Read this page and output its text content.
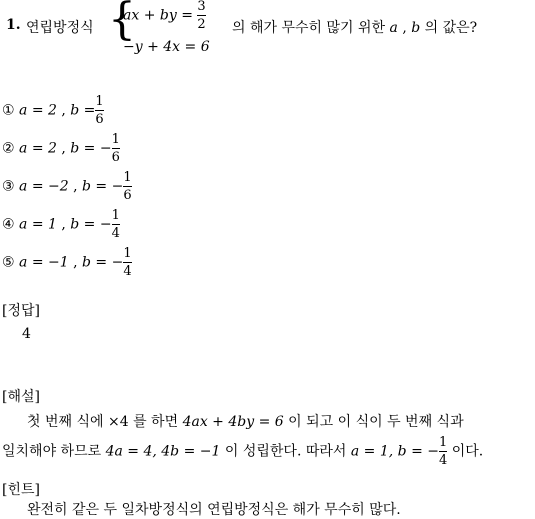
1. 연립방정식 {
ax + by = $\frac{3}{2}$
−y + 4x = 6
의 해가 무수히 많기 위한 a , b 의 값은?
① a = 2 , $b = \frac{1}{6}$
② a = 2 , b = − $\frac{1}{6}$
③ a = −2 , b = − $\frac{1}{6}$
④ a = 1 , b = − $\frac{1}{4}$
⑤ a = −1 , b = − $\frac{1}{4}$
[정답]
4
[해설]
첫 번째 식에 ×4 를 하면 4ax + 4by = 6 이 되고 이 식이 두 번째 식과
일치해야 하므로 4a = 4, 4b = −1 이 성립한다. 따라서 a = 1, b = − $\frac{1}{4}$ 이다.
[힌트]
완전히 같은 두 일차방정식의 연립방정식은 해가 무수히 많다.
